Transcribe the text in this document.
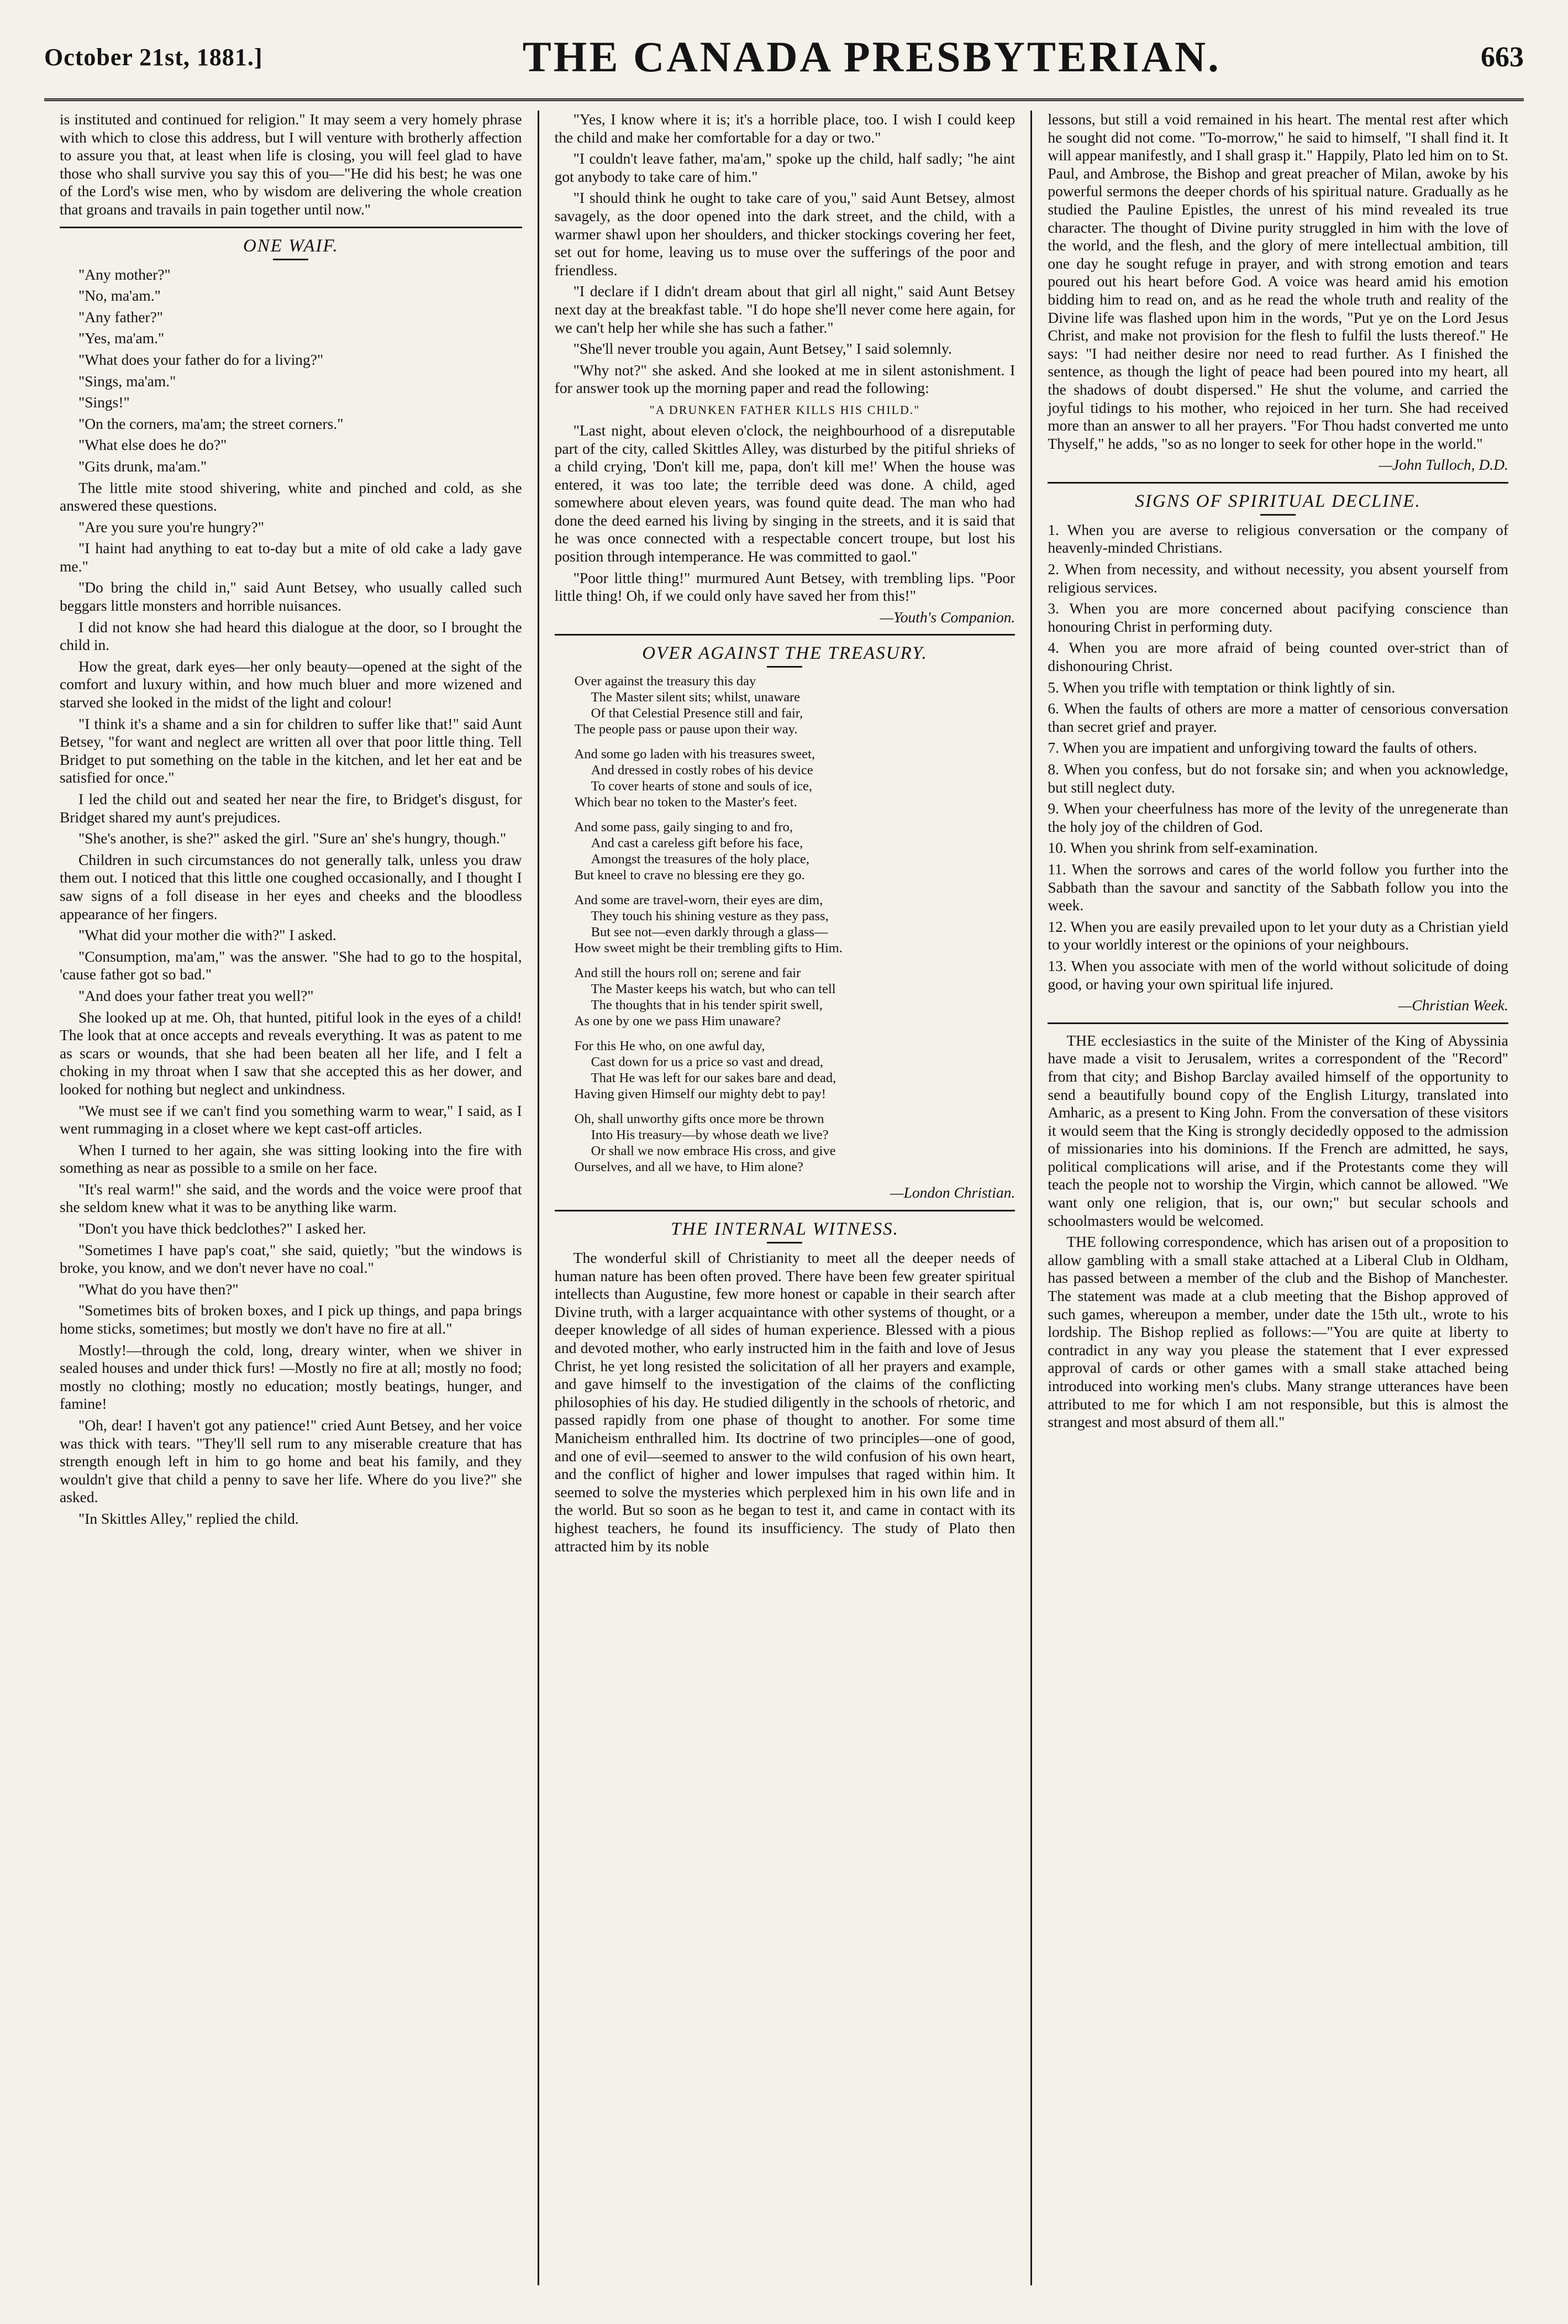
October 21st, 1881.]	THE CANADA PRESBYTERIAN.	663

is instituted and continued for religion." It may seem a very homely phrase with which to close this address, but I will venture with brotherly affection to assure you that, at least when life is closing, you will feel glad to have those who shall survive you say this of you—"He did his best; he was one of the Lord's wise men, who by wisdom are delivering the whole creation that groans and travails in pain together until now."

ONE WAIF.

"Any mother?"

"No, ma'am."

"Any father?"

"Yes, ma'am."

"What does your father do for a living?"

"Sings, ma'am."

"Sings!"

"On the corners, ma'am; the street corners."

"What else does he do?"

"Gits drunk, ma'am."

The little mite stood shivering, white and pinched and cold, as she answered these questions.

"Are you sure you're hungry?"

"I haint had anything to eat to-day but a mite of old cake a lady gave me."

"Do bring the child in," said Aunt Betsey, who usually called such beggars little monsters and horrible nuisances.

I did not know she had heard this dialogue at the door, so I brought the child in.

How the great, dark eyes—her only beauty—opened at the sight of the comfort and luxury within, and how much bluer and more wizened and starved she looked in the midst of the light and colour!

"I think it's a shame and a sin for children to suffer like that!" said Aunt Betsey, "for want and neglect are written all over that poor little thing. Tell Bridget to put something on the table in the kitchen, and let her eat and be satisfied for once."

I led the child out and seated her near the fire, to Bridget's disgust, for Bridget shared my aunt's prejudices.

"She's another, is she?" asked the girl. "Sure an' she's hungry, though."

Children in such circumstances do not generally talk, unless you draw them out. I noticed that this little one coughed occasionally, and I thought I saw signs of a foll disease in her eyes and cheeks and the bloodless appearance of her fingers.

"What did your mother die with?" I asked.

"Consumption, ma'am," was the answer. "She had to go to the hospital, 'cause father got so bad."

"And does your father treat you well?"

She looked up at me. Oh, that hunted, pitiful look in the eyes of a child! The look that at once accepts and reveals everything. It was as patent to me as scars or wounds, that she had been beaten all her life, and I felt a choking in my throat when I saw that she accepted this as her dower, and looked for nothing but neglect and unkindness.

"We must see if we can't find you something warm to wear," I said, as I went rummaging in a closet where we kept cast-off articles.

When I turned to her again, she was sitting looking into the fire with something as near as possible to a smile on her face.

"It's real warm!" she said, and the words and the voice were proof that she seldom knew what it was to be anything like warm.

"Don't you have thick bedclothes?" I asked her.

"Sometimes I have pap's coat," she said, quietly; "but the windows is broke, you know, and we don't never have no coal."

"What do you have then?"

"Sometimes bits of broken boxes, and I pick up things, and papa brings home sticks, sometimes; but mostly we don't have no fire at all."

Mostly!—through the cold, long, dreary winter, when we shiver in sealed houses and under thick furs! —Mostly no fire at all; mostly no food; mostly no clothing; mostly no education; mostly beatings, hunger, and famine!

"Oh, dear! I haven't got any patience!" cried Aunt Betsey, and her voice was thick with tears. "They'll sell rum to any miserable creature that has strength enough left in him to go home and beat his family, and they wouldn't give that child a penny to save her life. Where do you live?" she asked.

"In Skittles Alley," replied the child.

"Yes, I know where it is; it's a horrible place, too. I wish I could keep the child and make her comfortable for a day or two."

"I couldn't leave father, ma'am," spoke up the child, half sadly; "he aint got anybody to take care of him."

"I should think he ought to take care of you," said Aunt Betsey, almost savagely, as the door opened into the dark street, and the child, with a warmer shawl upon her shoulders, and thicker stockings covering her feet, set out for home, leaving us to muse over the sufferings of the poor and friendless.

"I declare if I didn't dream about that girl all night," said Aunt Betsey next day at the breakfast table. "I do hope she'll never come here again, for we can't help her while she has such a father."

"She'll never trouble you again, Aunt Betsey," I said solemnly.

"Why not?" she asked. And she looked at me in silent astonishment. I for answer took up the morning paper and read the following:

"A DRUNKEN FATHER KILLS HIS CHILD."

"Last night, about eleven o'clock, the neighbourhood of a disreputable part of the city, called Skittles Alley, was disturbed by the pitiful shrieks of a child crying, 'Don't kill me, papa, don't kill me!' When the house was entered, it was too late; the terrible deed was done. A child, aged somewhere about eleven years, was found quite dead. The man who had done the deed earned his living by singing in the streets, and it is said that he was once connected with a respectable concert troupe, but lost his position through intemperance. He was committed to gaol."

"Poor little thing!" murmured Aunt Betsey, with trembling lips. "Poor little thing! Oh, if we could only have saved her from this!"

—Youth's Companion.

OVER AGAINST THE TREASURY.
Over against the treasury this day
The Master silent sits; whilst, unaware
Of that Celestial Presence still and fair,
The people pass or pause upon their way.
And some go laden with his treasures sweet,
And dressed in costly robes of his device
To cover hearts of stone and souls of ice,
Which bear no token to the Master's feet.
And some pass, gaily singing to and fro,
And cast a careless gift before his face,
Amongst the treasures of the holy place,
But kneel to crave no blessing ere they go.
And some are travel-worn, their eyes are dim,
They touch his shining vesture as they pass,
But see not—even darkly through a glass—
How sweet might be their trembling gifts to Him.
And still the hours roll on; serene and fair
The Master keeps his watch, but who can tell
The thoughts that in his tender spirit swell,
As one by one we pass Him unaware?
For this He who, on one awful day,
Cast down for us a price so vast and dread,
That He was left for our sakes bare and dead,
Having given Himself our mighty debt to pay!
Oh, shall unworthy gifts once more be thrown
Into His treasury—by whose death we live?
Or shall we now embrace His cross, and give
Ourselves, and all we have, to Him alone?

—London Christian.

THE INTERNAL WITNESS.

The wonderful skill of Christianity to meet all the deeper needs of human nature has been often proved. There have been few greater spiritual intellects than Augustine, few more honest or capable in their search after Divine truth, with a larger acquaintance with other systems of thought, or a deeper knowledge of all sides of human experience. Blessed with a pious and devoted mother, who early instructed him in the faith and love of Jesus Christ, he yet long resisted the solicitation of all her prayers and example, and gave himself to the investigation of the claims of the conflicting philosophies of his day. He studied diligently in the schools of rhetoric, and passed rapidly from one phase of thought to another. For some time Manicheism enthralled him. Its doctrine of two principles—one of good, and one of evil—seemed to answer to the wild confusion of his own heart, and the conflict of higher and lower impulses that raged within him. It seemed to solve the mysteries which perplexed him in his own life and in the world. But so soon as he began to test it, and came in contact with its highest teachers, he found its insufficiency. The study of Plato then attracted him by its noble

lessons, but still a void remained in his heart. The mental rest after which he sought did not come. "To-morrow," he said to himself, "I shall find it. It will appear manifestly, and I shall grasp it." Happily, Plato led him on to St. Paul, and Ambrose, the Bishop and great preacher of Milan, awoke by his powerful sermons the deeper chords of his spiritual nature. Gradually as he studied the Pauline Epistles, the unrest of his mind revealed its true character. The thought of Divine purity struggled in him with the love of the world, and the flesh, and the glory of mere intellectual ambition, till one day he sought refuge in prayer, and with strong emotion and tears poured out his heart before God. A voice was heard amid his emotion bidding him to read on, and as he read the whole truth and reality of the Divine life was flashed upon him in the words, "Put ye on the Lord Jesus Christ, and make not provision for the flesh to fulfil the lusts thereof." He says: "I had neither desire nor need to read further. As I finished the sentence, as though the light of peace had been poured into my heart, all the shadows of doubt dispersed." He shut the volume, and carried the joyful tidings to his mother, who rejoiced in her turn. She had received more than an answer to all her prayers. "For Thou hadst converted me unto Thyself," he adds, "so as no longer to seek for other hope in the world."

—John Tulloch, D.D.

SIGNS OF SPIRITUAL DECLINE.

1. When you are averse to religious conversation or the company of heavenly-minded Christians.

2. When from necessity, and without necessity, you absent yourself from religious services.

3. When you are more concerned about pacifying conscience than honouring Christ in performing duty.

4. When you are more afraid of being counted over-strict than of dishonouring Christ.

5. When you trifle with temptation or think lightly of sin.

6. When the faults of others are more a matter of censorious conversation than secret grief and prayer.

7. When you are impatient and unforgiving toward the faults of others.

8. When you confess, but do not forsake sin; and when you acknowledge, but still neglect duty.

9. When your cheerfulness has more of the levity of the unregenerate than the holy joy of the children of God.

10. When you shrink from self-examination.

11. When the sorrows and cares of the world follow you further into the Sabbath than the savour and sanctity of the Sabbath follow you into the week.

12. When you are easily prevailed upon to let your duty as a Christian yield to your worldly interest or the opinions of your neighbours.

13. When you associate with men of the world without solicitude of doing good, or having your own spiritual life injured.

—Christian Week.

THE ecclesiastics in the suite of the Minister of the King of Abyssinia have made a visit to Jerusalem, writes a correspondent of the "Record" from that city; and Bishop Barclay availed himself of the opportunity to send a beautifully bound copy of the English Liturgy, translated into Amharic, as a present to King John. From the conversation of these visitors it would seem that the King is strongly decidedly opposed to the admission of missionaries into his dominions. If the French are admitted, he says, political complications will arise, and if the Protestants come they will teach the people not to worship the Virgin, which cannot be allowed. "We want only one religion, that is, our own;" but secular schools and schoolmasters would be welcomed.

THE following correspondence, which has arisen out of a proposition to allow gambling with a small stake attached at a Liberal Club in Oldham, has passed between a member of the club and the Bishop of Manchester. The statement was made at a club meeting that the Bishop approved of such games, whereupon a member, under date the 15th ult., wrote to his lordship. The Bishop replied as follows:—"You are quite at liberty to contradict in any way you please the statement that I ever expressed approval of cards or other games with a small stake attached being introduced into working men's clubs. Many strange utterances have been attributed to me for which I am not responsible, but this is almost the strangest and most absurd of them all."
